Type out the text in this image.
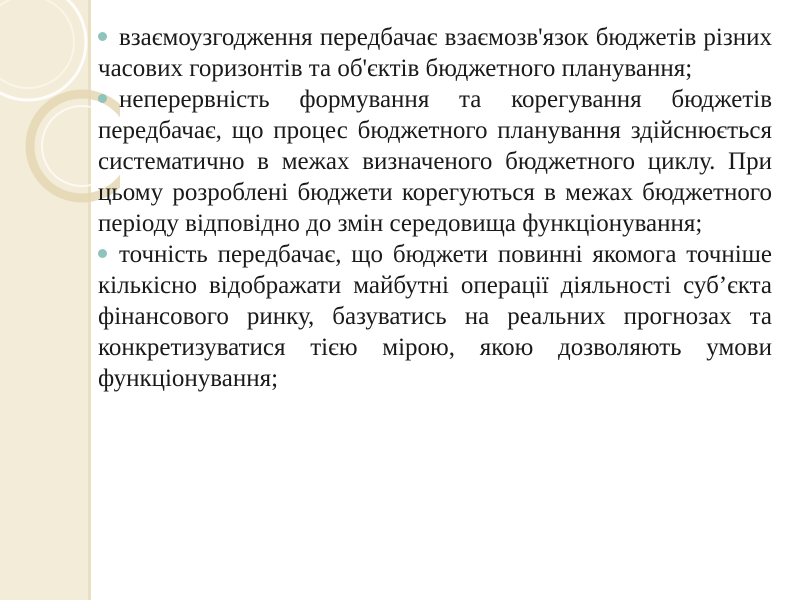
взаємоузгодження передбачає взаємозв'язок бюджетів різних часових горизонтів та об'єктів бюджетного планування;

неперервність формування та корегування бюджетів передбачає, що процес бюджетного планування здійснюється систематично в межах визначеного бюджетного циклу. При цьому розроблені бюджети корегуються в межах бюджетного періоду відповідно до змін середовища функціонування;

точність передбачає, що бюджети повинні якомога точніше кількісно відображати майбутні операції діяльності суб’єкта фінансового ринку, базуватись на реальних прогнозах та конкретизуватися тією мірою, якою дозволяють умови функціонування;
